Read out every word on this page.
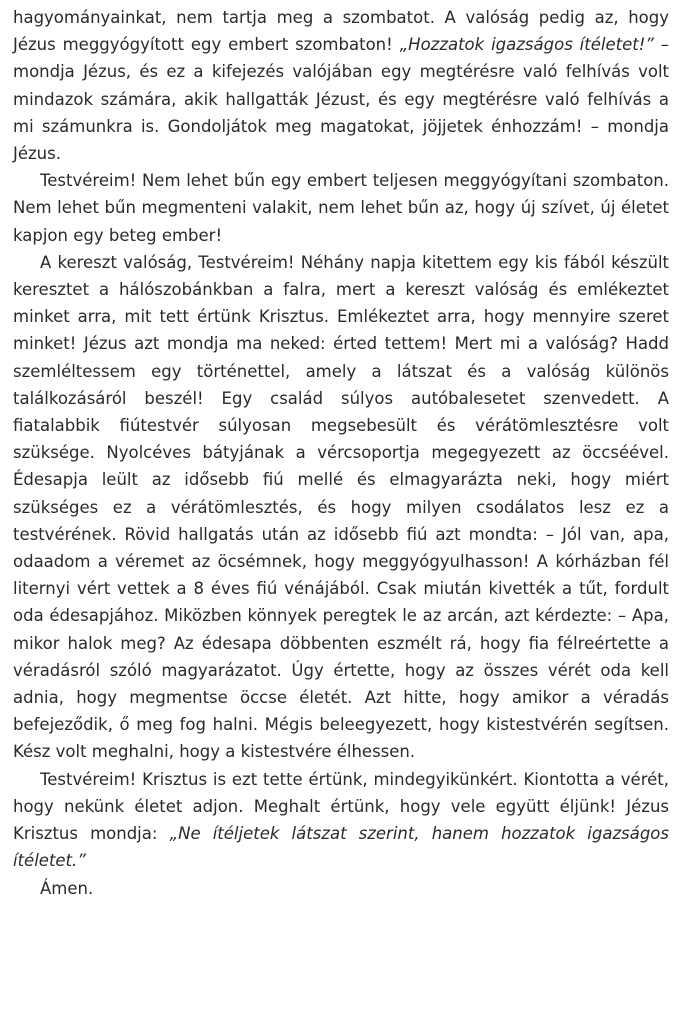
hagyományainkat, nem tartja meg a szombatot. A valóság pedig az, hogy Jézus meggyógyított egy embert szombaton! „Hozzatok igazságos ítéletet!” – mondja Jézus, és ez a kifejezés valójában egy megtérésre való felhívás volt mindazok számára, akik hallgatták Jézust, és egy megtérésre való felhívás a mi számunkra is. Gondoljátok meg magatokat, jöjjetek énhozzám! – mondja Jézus.

Testvéreim! Nem lehet bűn egy embert teljesen meggyógyítani szombaton. Nem lehet bűn megmenteni valakit, nem lehet bűn az, hogy új szívet, új életet kapjon egy beteg ember!

A kereszt valóság, Testvéreim! Néhány napja kitettem egy kis fából készült keresztet a hálószobánkban a falra, mert a kereszt valóság és emlékeztet minket arra, mit tett értünk Krisztus. Emlékeztet arra, hogy mennyire szeret minket! Jézus azt mondja ma neked: érted tettem! Mert mi a valóság? Hadd szemléltessem egy történettel, amely a látszat és a valóság különös találkozásáról beszél! Egy család súlyos autóbalesetet szenvedett. A fiatalabbik fiútestvér súlyosan megsebesült és vérátömlesztésre volt szüksége. Nyolcéves bátyjának a vércsoportja megegyezett az öccséével. Édesapja leült az idősebb fiú mellé és elmagyarázta neki, hogy miért szükséges ez a vérátömlesztés, és hogy milyen csodálatos lesz ez a testvérének. Rövid hallgatás után az idősebb fiú azt mondta: – Jól van, apa, odaadom a véremet az öcsémnek, hogy meggyógyulhasson! A kórházban fél liternyi vért vettek a 8 éves fiú vénájából. Csak miután kivették a tűt, fordult oda édesapjához. Miközben könnyek peregtek le az arcán, azt kérdezte: – Apa, mikor halok meg? Az édesapa döbbenten eszmélt rá, hogy fia félreértette a véradásról szóló magyarázatot. Úgy értette, hogy az összes vérét oda kell adnia, hogy megmentse öccse életét. Azt hitte, hogy amikor a véradás befejeződik, ő meg fog halni. Mégis beleegyezett, hogy kistestvérén segítsen. Kész volt meghalni, hogy a kistestvére élhessen.

Testvéreim! Krisztus is ezt tette értünk, mindegyikünkért. Kiontotta a vérét, hogy nekünk életet adjon. Meghalt értünk, hogy vele együtt éljünk! Jézus Krisztus mondja: „Ne ítéljetek látszat szerint, hanem hozzatok igazságos ítéletet.”

Ámen.
